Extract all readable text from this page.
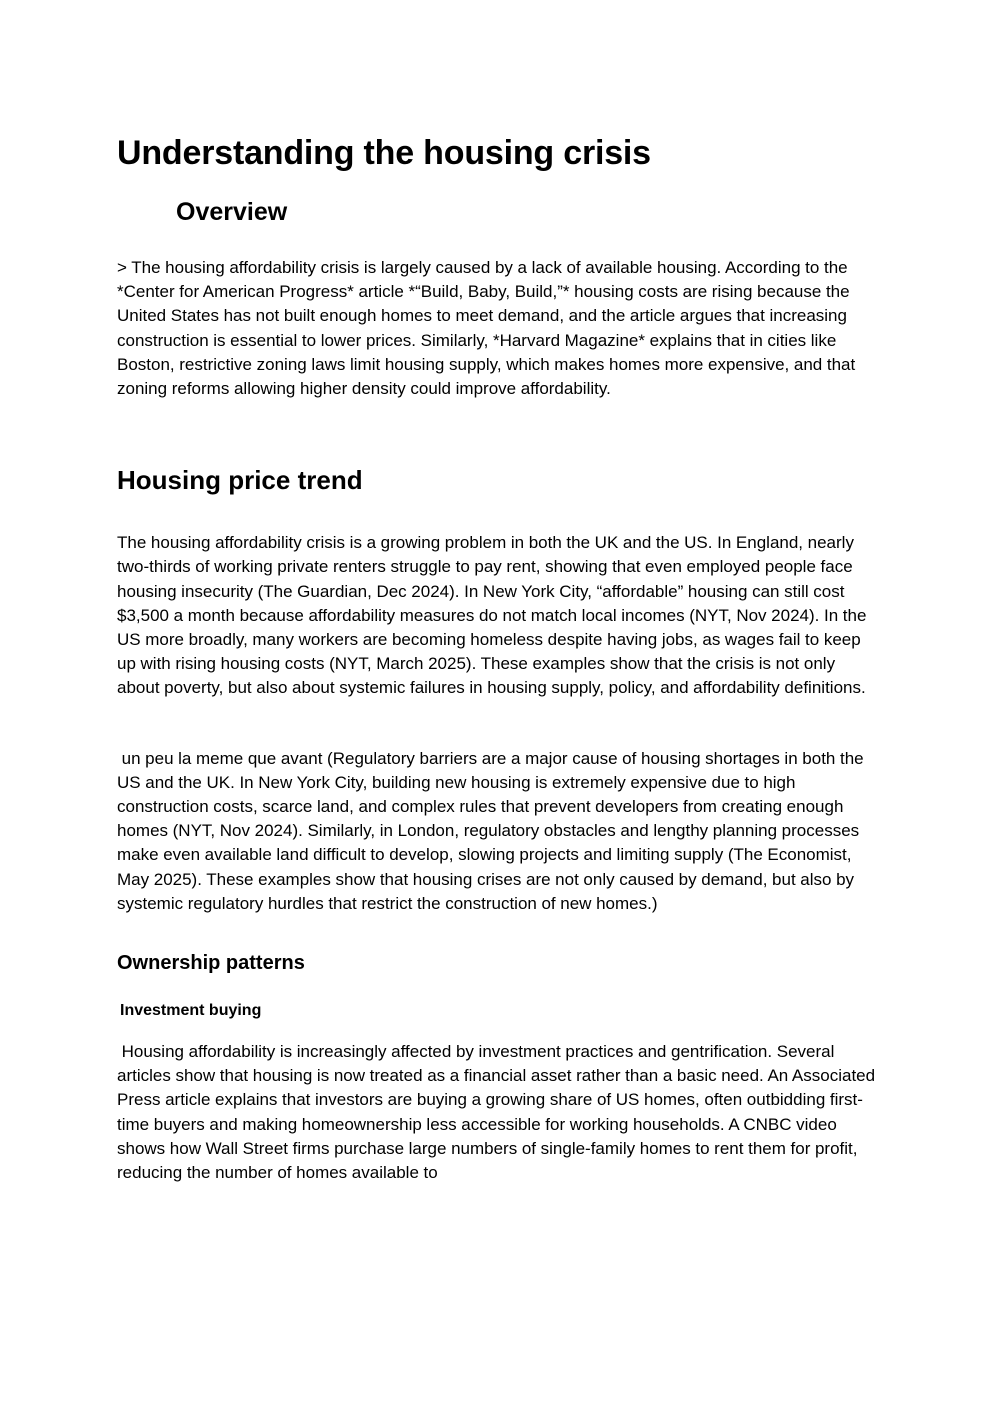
Understanding the housing crisis
Overview

> The housing affordability crisis is largely caused by a lack of available housing. According to the *Center for American Progress* article *“Build, Baby, Build,”* housing costs are rising because the United States has not built enough homes to meet demand, and the article argues that increasing construction is essential to lower prices. Similarly, *Harvard Magazine* explains that in cities like Boston, restrictive zoning laws limit housing supply, which makes homes more expensive, and that zoning reforms allowing higher density could improve affordability.

Housing price trend

The housing affordability crisis is a growing problem in both the UK and the US. In England, nearly two‑thirds of working private renters struggle to pay rent, showing that even employed people face housing insecurity (The Guardian, Dec 2024). In New York City, “affordable” housing can still cost $3,500 a month because affordability measures do not match local incomes (NYT, Nov 2024). In the US more broadly, many workers are becoming homeless despite having jobs, as wages fail to keep up with rising housing costs (NYT, March 2025). These examples show that the crisis is not only about poverty, but also about systemic failures in housing supply, policy, and affordability definitions.

un peu la meme que avant (Regulatory barriers are a major cause of housing shortages in both the US and the UK. In New York City, building new housing is extremely expensive due to high construction costs, scarce land, and complex rules that prevent developers from creating enough homes (NYT, Nov 2024). Similarly, in London, regulatory obstacles and lengthy planning processes make even available land difficult to develop, slowing projects and limiting supply (The Economist, May 2025). These examples show that housing crises are not only caused by demand, but also by systemic regulatory hurdles that restrict the construction of new homes.)

Ownership patterns
Investment buying

Housing affordability is increasingly affected by investment practices and gentrification. Several articles show that housing is now treated as a financial asset rather than a basic need. An Associated Press article explains that investors are buying a growing share of US homes, often outbidding first-time buyers and making homeownership less accessible for working households. A CNBC video shows how Wall Street firms purchase large numbers of single-family homes to rent them for profit, reducing the number of homes available to
